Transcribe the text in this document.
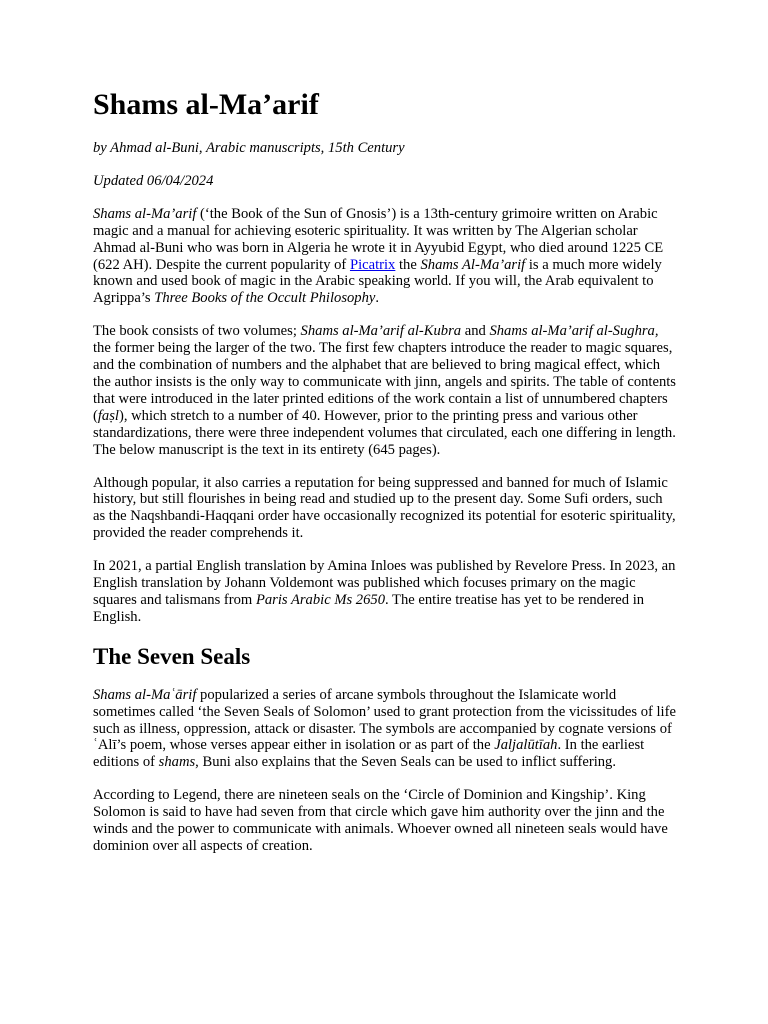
Shams al-Ma’arif

by Ahmad al-Buni, Arabic manuscripts, 15th Century

Updated 06/04/2024

Shams al-Ma’arif (‘the Book of the Sun of Gnosis’) is a 13th-century grimoire written on Arabic magic and a manual for achieving esoteric spirituality. It was written by The Algerian scholar Ahmad al-Buni who was born in Algeria he wrote it in Ayyubid Egypt, who died around 1225 CE (622 AH). Despite the current popularity of Picatrix the Shams Al-Ma’arif is a much more widely known and used book of magic in the Arabic speaking world. If you will, the Arab equivalent to Agrippa’s Three Books of the Occult Philosophy.

The book consists of two volumes; Shams al-Ma’arif al-Kubra and Shams al-Ma’arif al-Sughra, the former being the larger of the two. The first few chapters introduce the reader to magic squares, and the combination of numbers and the alphabet that are believed to bring magical effect, which the author insists is the only way to communicate with jinn, angels and spirits. The table of contents that were introduced in the later printed editions of the work contain a list of unnumbered chapters (faṣl), which stretch to a number of 40. However, prior to the printing press and various other standardizations, there were three independent volumes that circulated, each one differing in length. The below manuscript is the text in its entirety (645 pages).

Although popular, it also carries a reputation for being suppressed and banned for much of Islamic history, but still flourishes in being read and studied up to the present day. Some Sufi orders, such as the Naqshbandi-Haqqani order have occasionally recognized its potential for esoteric spirituality, provided the reader comprehends it.

In 2021, a partial English translation by Amina Inloes was published by Revelore Press. In 2023, an English translation by Johann Voldemont was published which focuses primary on the magic squares and talismans from Paris Arabic Ms 2650. The entire treatise has yet to be rendered in English.

The Seven Seals

Shams al-Maʿārif popularized a series of arcane symbols throughout the Islamicate world sometimes called ‘the Seven Seals of Solomon’ used to grant protection from the vicissitudes of life such as illness, oppression, attack or disaster. The symbols are accompanied by cognate versions of ʿAlī’s poem, whose verses appear either in isolation or as part of the Jaljalūtīah. In the earliest editions of shams, Buni also explains that the Seven Seals can be used to inflict suffering.

According to Legend, there are nineteen seals on the ‘Circle of Dominion and Kingship’. King Solomon is said to have had seven from that circle which gave him authority over the jinn and the winds and the power to communicate with animals. Whoever owned all nineteen seals would have dominion over all aspects of creation.
